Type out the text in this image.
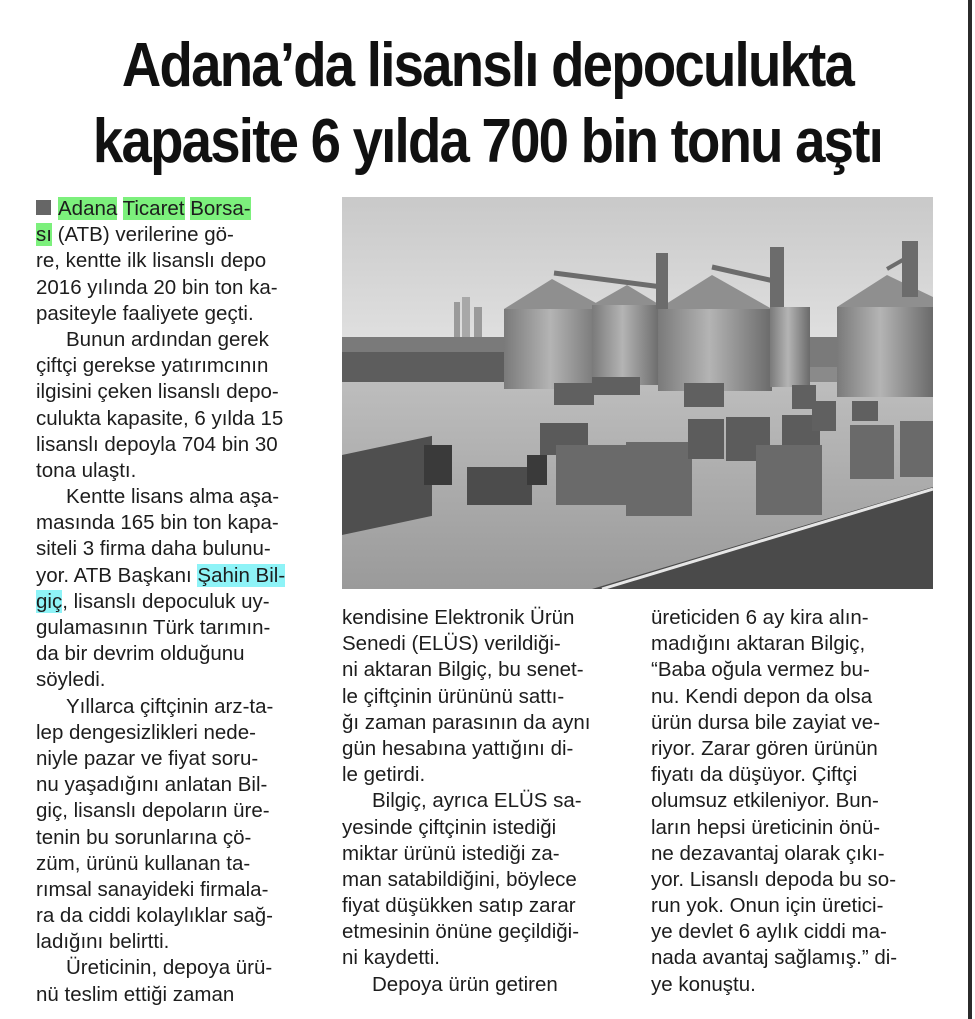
Adana’da lisanslı depoculukta
kapasite 6 yılda 700 bin tonu aştı
Adana Ticaret Borsa-
sı (ATB) verilerine gö-
re, kentte ilk lisanslı depo
2016 yılında 20 bin ton ka-
pasiteyle faaliyete geçti.
Bunun ardından gerek
çiftçi gerekse yatırımcının
ilgisini çeken lisanslı depo-
culukta kapasite, 6 yılda 15
lisanslı depoyla 704 bin 30
tona ulaştı.
Kentte lisans alma aşa-
masında 165 bin ton kapa-
siteli 3 firma daha bulunu-
yor. ATB Başkanı Şahin Bil-
giç, lisanslı depoculuk uy-
gulamasının Türk tarımın-
da bir devrim olduğunu
söyledi.
Yıllarca çiftçinin arz-ta-
lep dengesizlikleri nede-
niyle pazar ve fiyat soru-
nu yaşadığını anlatan Bil-
giç, lisanslı depoların üre-
tenin bu sorunlarına çö-
züm, ürünü kullanan ta-
rımsal sanayideki firmala-
ra da ciddi kolaylıklar sağ-
ladığını belirtti.
Üreticinin, depoya ürü-
nü teslim ettiği zaman
kendisine Elektronik Ürün
Senedi (ELÜS) verildiği-
ni aktaran Bilgiç, bu senet-
le çiftçinin ürününü sattı-
ğı zaman parasının da aynı
gün hesabına yattığını di-
le getirdi.
Bilgiç, ayrıca ELÜS sa-
yesinde çiftçinin istediği
miktar ürünü istediği za-
man satabildiğini, böylece
fiyat düşükken satıp zarar
etmesinin önüne geçildiği-
ni kaydetti.
Depoya ürün getiren
üreticiden 6 ay kira alın-
madığını aktaran Bilgiç,
“Baba oğula vermez bu-
nu. Kendi depon da olsa
ürün dursa bile zayiat ve-
riyor. Zarar gören ürünün
fiyatı da düşüyor. Çiftçi
olumsuz etkileniyor. Bun-
ların hepsi üreticinin önü-
ne dezavantaj olarak çıkı-
yor. Lisanslı depoda bu so-
run yok. Onun için üretici-
ye devlet 6 aylık ciddi ma-
nada avantaj sağlamış.” di-
ye konuştu.
